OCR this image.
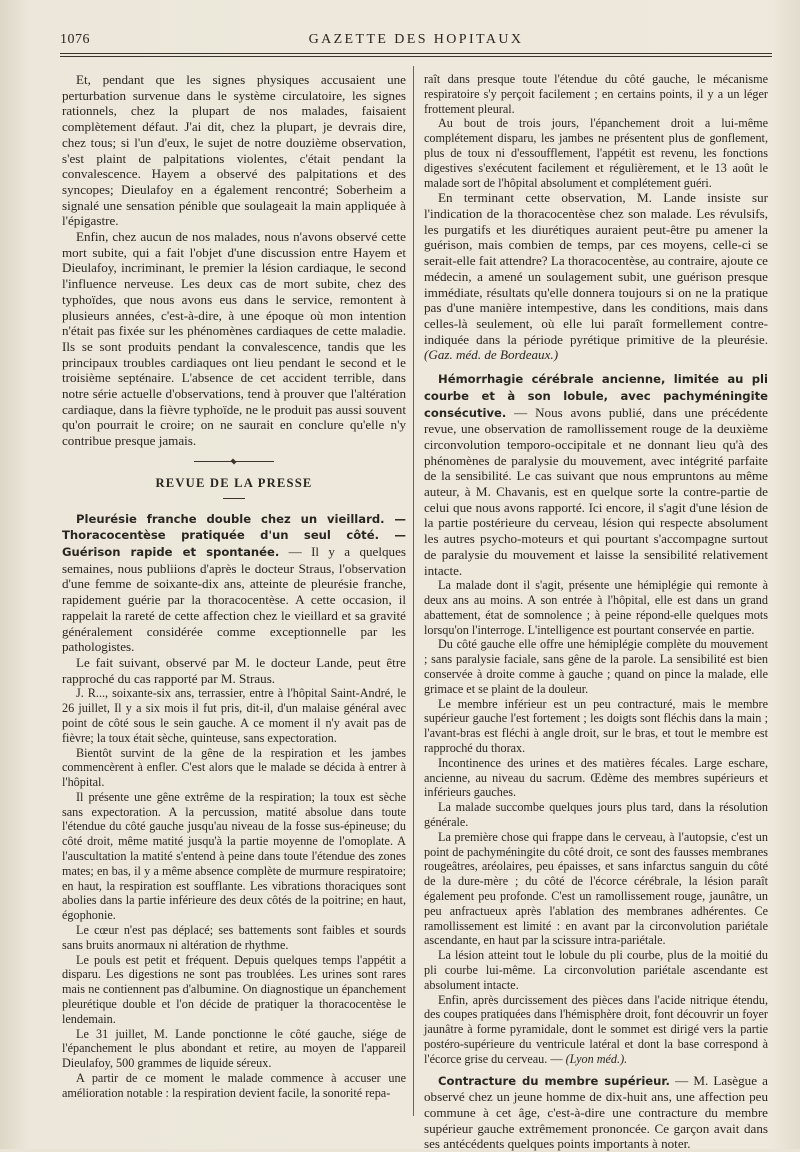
1076	GAZETTE DES HOPITAUX

Et, pendant que les signes physiques accusaient une perturbation survenue dans le système circulatoire, les signes rationnels, chez la plupart de nos malades, faisaient complètement défaut. J'ai dit, chez la plupart, je devrais dire, chez tous; si l'un d'eux, le sujet de notre douzième observation, s'est plaint de palpitations violentes, c'était pendant la convalescence. Hayem a observé des palpitations et des syncopes; Dieulafoy en a également rencontré; Soberheim a signalé une sensation pénible que soulageait la main appliquée à l'épigastre.

Enfin, chez aucun de nos malades, nous n'avons observé cette mort subite, qui a fait l'objet d'une discussion entre Hayem et Dieulafoy, incriminant, le premier la lésion cardiaque, le second l'influence nerveuse. Les deux cas de mort subite, chez des typhoïdes, que nous avons eus dans le service, remontent à plusieurs années, c'est-à-dire, à une époque où mon intention n'était pas fixée sur les phénomènes cardiaques de cette maladie. Ils se sont produits pendant la convalescence, tandis que les principaux troubles cardiaques ont lieu pendant le second et le troisième septénaire. L'absence de cet accident terrible, dans notre série actuelle d'observations, tend à prouver que l'altération cardiaque, dans la fièvre typhoïde, ne le produit pas aussi souvent qu'on pourrait le croire; on ne saurait en conclure qu'elle n'y contribue presque jamais.

REVUE DE LA PRESSE

Pleurésie franche double chez un vieillard. — Thoracocentèse pratiquée d'un seul côté. — Guérison rapide et spontanée. — Il y a quelques semaines, nous publiions d'après le docteur Straus, l'observation d'une femme de soixante-dix ans, atteinte de pleurésie franche, rapidement guérie par la thoracocentèse. A cette occasion, il rappelait la rareté de cette affection chez le vieillard et sa gravité généralement considérée comme exceptionnelle par les pathologistes.

Le fait suivant, observé par M. le docteur Lande, peut être rapproché du cas rapporté par M. Straus.

J. R..., soixante-six ans, terrassier, entre à l'hôpital Saint-André, le 26 juillet, Il y a six mois il fut pris, dit-il, d'un malaise général avec point de côté sous le sein gauche. A ce moment il n'y avait pas de fièvre; la toux était sèche, quinteuse, sans expectoration.

Bientôt survint de la gêne de la respiration et les jambes commencèrent à enfler. C'est alors que le malade se décida à entrer à l'hôpital.

Il présente une gêne extrême de la respiration; la toux est sèche sans expectoration. A la percussion, matité absolue dans toute l'étendue du côté gauche jusqu'au niveau de la fosse sus-épineuse; du côté droit, même matité jusqu'à la partie moyenne de l'omoplate. A l'auscultation la matité s'entend à peine dans toute l'étendue des zones mates; en bas, il y a même absence complète de murmure respiratoire; en haut, la respiration est soufflante. Les vibrations thoraciques sont abolies dans la partie inférieure des deux côtés de la poitrine; en haut, égophonie.

Le cœur n'est pas déplacé; ses battements sont faibles et sourds sans bruits anormaux ni altération de rhythme.

Le pouls est petit et fréquent. Depuis quelques temps l'appétit a disparu. Les digestions ne sont pas troublées. Les urines sont rares mais ne contiennent pas d'albumine. On diagnostique un épanchement pleurétique double et l'on décide de pratiquer la thoracocentèse le lendemain.

Le 31 juillet, M. Lande ponctionne le côté gauche, siége de l'épanchement le plus abondant et retire, au moyen de l'appareil Dieulafoy, 500 grammes de liquide séreux.

A partir de ce moment le malade commence à accuser une amélioration notable : la respiration devient facile, la sonorité repa-

raît dans presque toute l'étendue du côté gauche, le mécanisme respiratoire s'y perçoit facilement ; en certains points, il y a un léger frottement pleural.

Au bout de trois jours, l'épanchement droit a lui-même complétement disparu, les jambes ne présentent plus de gonflement, plus de toux ni d'essoufflement, l'appétit est revenu, les fonctions digestives s'exécutent facilement et régulièrement, et le 13 août le malade sort de l'hôpital absolument et complétement guéri.

En terminant cette observation, M. Lande insiste sur l'indication de la thoracocentèse chez son malade. Les révulsifs, les purgatifs et les diurétiques auraient peut-être pu amener la guérison, mais combien de temps, par ces moyens, celle-ci se serait-elle fait attendre? La thoracocentèse, au contraire, ajoute ce médecin, a amené un soulagement subit, une guérison presque immédiate, résultats qu'elle donnera toujours si on ne la pratique pas d'une manière intempestive, dans les conditions, mais dans celles-là seulement, où elle lui paraît formellement contre-indiquée dans la période pyrétique primitive de la pleurésie. (Gaz. méd. de Bordeaux.)

Hémorrhagie cérébrale ancienne, limitée au pli courbe et à son lobule, avec pachyméningite consécutive. — Nous avons publié, dans une précédente revue, une observation de ramollissement rouge de la deuxième circonvolution temporo-occipitale et ne donnant lieu qu'à des phénomènes de paralysie du mouvement, avec intégrité parfaite de la sensibilité. Le cas suivant que nous empruntons au même auteur, à M. Chavanis, est en quelque sorte la contre-partie de celui que nous avons rapporté. Ici encore, il s'agit d'une lésion de la partie postérieure du cerveau, lésion qui respecte absolument les autres psycho-moteurs et qui pourtant s'accompagne surtout de paralysie du mouvement et laisse la sensibilité relativement intacte.

La malade dont il s'agit, présente une hémiplégie qui remonte à deux ans au moins. A son entrée à l'hôpital, elle est dans un grand abattement, état de somnolence ; à peine répond-elle quelques mots lorsqu'on l'interroge. L'intelligence est pourtant conservée en partie.

Du côté gauche elle offre une hémiplégie complète du mouvement ; sans paralysie faciale, sans gêne de la parole. La sensibilité est bien conservée à droite comme à gauche ; quand on pince la malade, elle grimace et se plaint de la douleur.

Le membre inférieur est un peu contracturé, mais le membre supérieur gauche l'est fortement ; les doigts sont fléchis dans la main ; l'avant-bras est fléchi à angle droit, sur le bras, et tout le membre est rapproché du thorax.

Incontinence des urines et des matières fécales. Large eschare, ancienne, au niveau du sacrum. Œdème des membres supérieurs et inférieurs gauches.

La malade succombe quelques jours plus tard, dans la résolution générale.

La première chose qui frappe dans le cerveau, à l'autopsie, c'est un point de pachyméningite du côté droit, ce sont des fausses membranes rougeâtres, aréolaires, peu épaisses, et sans infarctus sanguin du côté de la dure-mère ; du côté de l'écorce cérébrale, la lésion paraît également peu profonde. C'est un ramollissement rouge, jaunâtre, un peu anfractueux après l'ablation des membranes adhérentes. Ce ramollissement est limité : en avant par la circonvolution pariétale ascendante, en haut par la scissure intra-pariétale.

La lésion atteint tout le lobule du pli courbe, plus de la moitié du pli courbe lui-même. La circonvolution pariétale ascendante est absolument intacte.

Enfin, après durcissement des pièces dans l'acide nitrique étendu, des coupes pratiquées dans l'hémisphère droit, font découvrir un foyer jaunâtre à forme pyramidale, dont le sommet est dirigé vers la partie postéro-supérieure du ventricule latéral et dont la base correspond à l'écorce grise du cerveau. — (Lyon méd.).

Contracture du membre supérieur. — M. Lasègue a observé chez un jeune homme de dix-huit ans, une affection peu commune à cet âge, c'est-à-dire une contracture du membre supérieur gauche extrêmement prononcée. Ce garçon avait dans ses antécédents quelques points importants à noter.
